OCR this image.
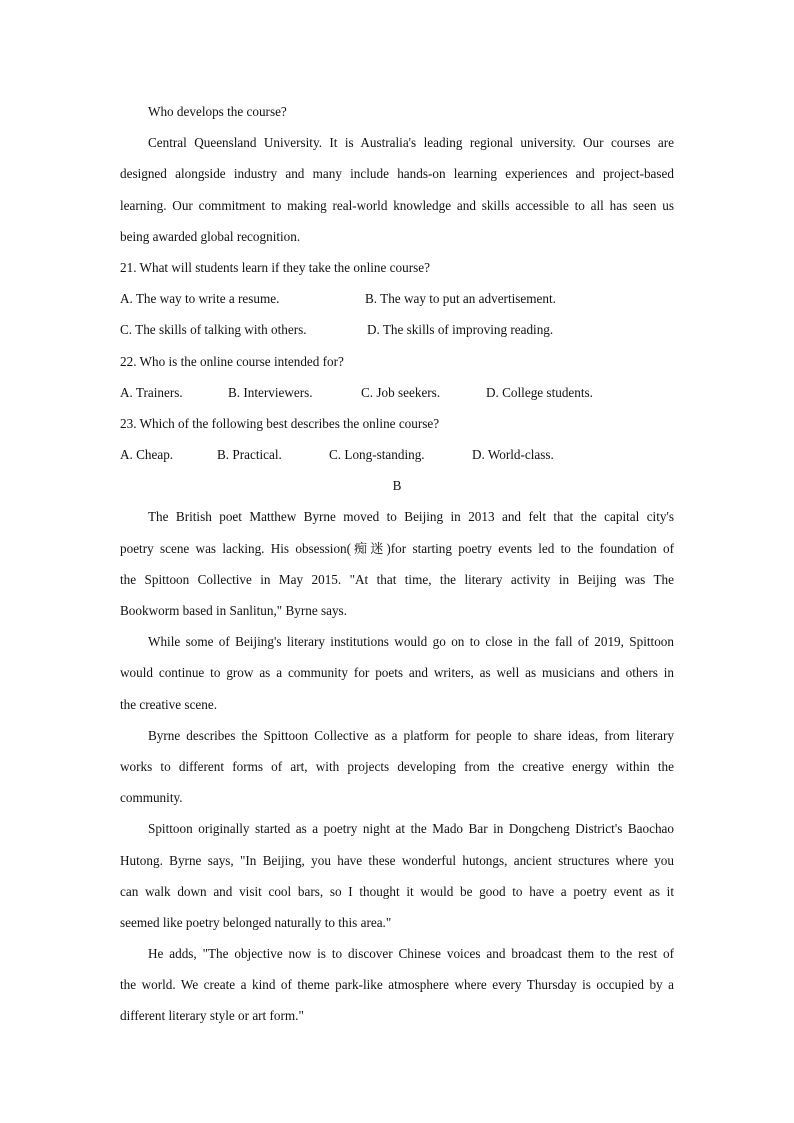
Who develops the course?
Central Queensland University. It is Australia's leading regional university. Our courses are
designed alongside industry and many include hands-on learning experiences and project-based
learning. Our commitment to making real-world knowledge and skills accessible to all has seen us
being awarded global recognition.
21. What will students learn if they take the online course?
A. The way to write a resume.	B. The way to put an advertisement.
C. The skills of talking with others.	D. The skills of improving reading.
22. Who is the online course intended for?
A. Trainers.	B. Interviewers.	C. Job seekers.	D. College students.
23. Which of the following best describes the online course?
A. Cheap.	B. Practical.	C. Long-standing.	D. World-class.
B
The British poet Matthew Byrne moved to Beijing in 2013 and felt that the capital city's
poetry scene was lacking. His obsession(痴迷)for starting poetry events led to the foundation of
the Spittoon Collective in May 2015. "At that time, the literary activity in Beijing was The
Bookworm based in Sanlitun," Byrne says.
While some of Beijing's literary institutions would go on to close in the fall of 2019, Spittoon
would continue to grow as a community for poets and writers, as well as musicians and others in
the creative scene.
Byrne describes the Spittoon Collective as a platform for people to share ideas, from literary
works to different forms of art, with projects developing from the creative energy within the
community.
Spittoon originally started as a poetry night at the Mado Bar in Dongcheng District's Baochao
Hutong. Byrne says, "In Beijing, you have these wonderful hutongs, ancient structures where you
can walk down and visit cool bars, so I thought it would be good to have a poetry event as it
seemed like poetry belonged naturally to this area."
He adds, "The objective now is to discover Chinese voices and broadcast them to the rest of
the world. We create a kind of theme park-like atmosphere where every Thursday is occupied by a
different literary style or art form."
